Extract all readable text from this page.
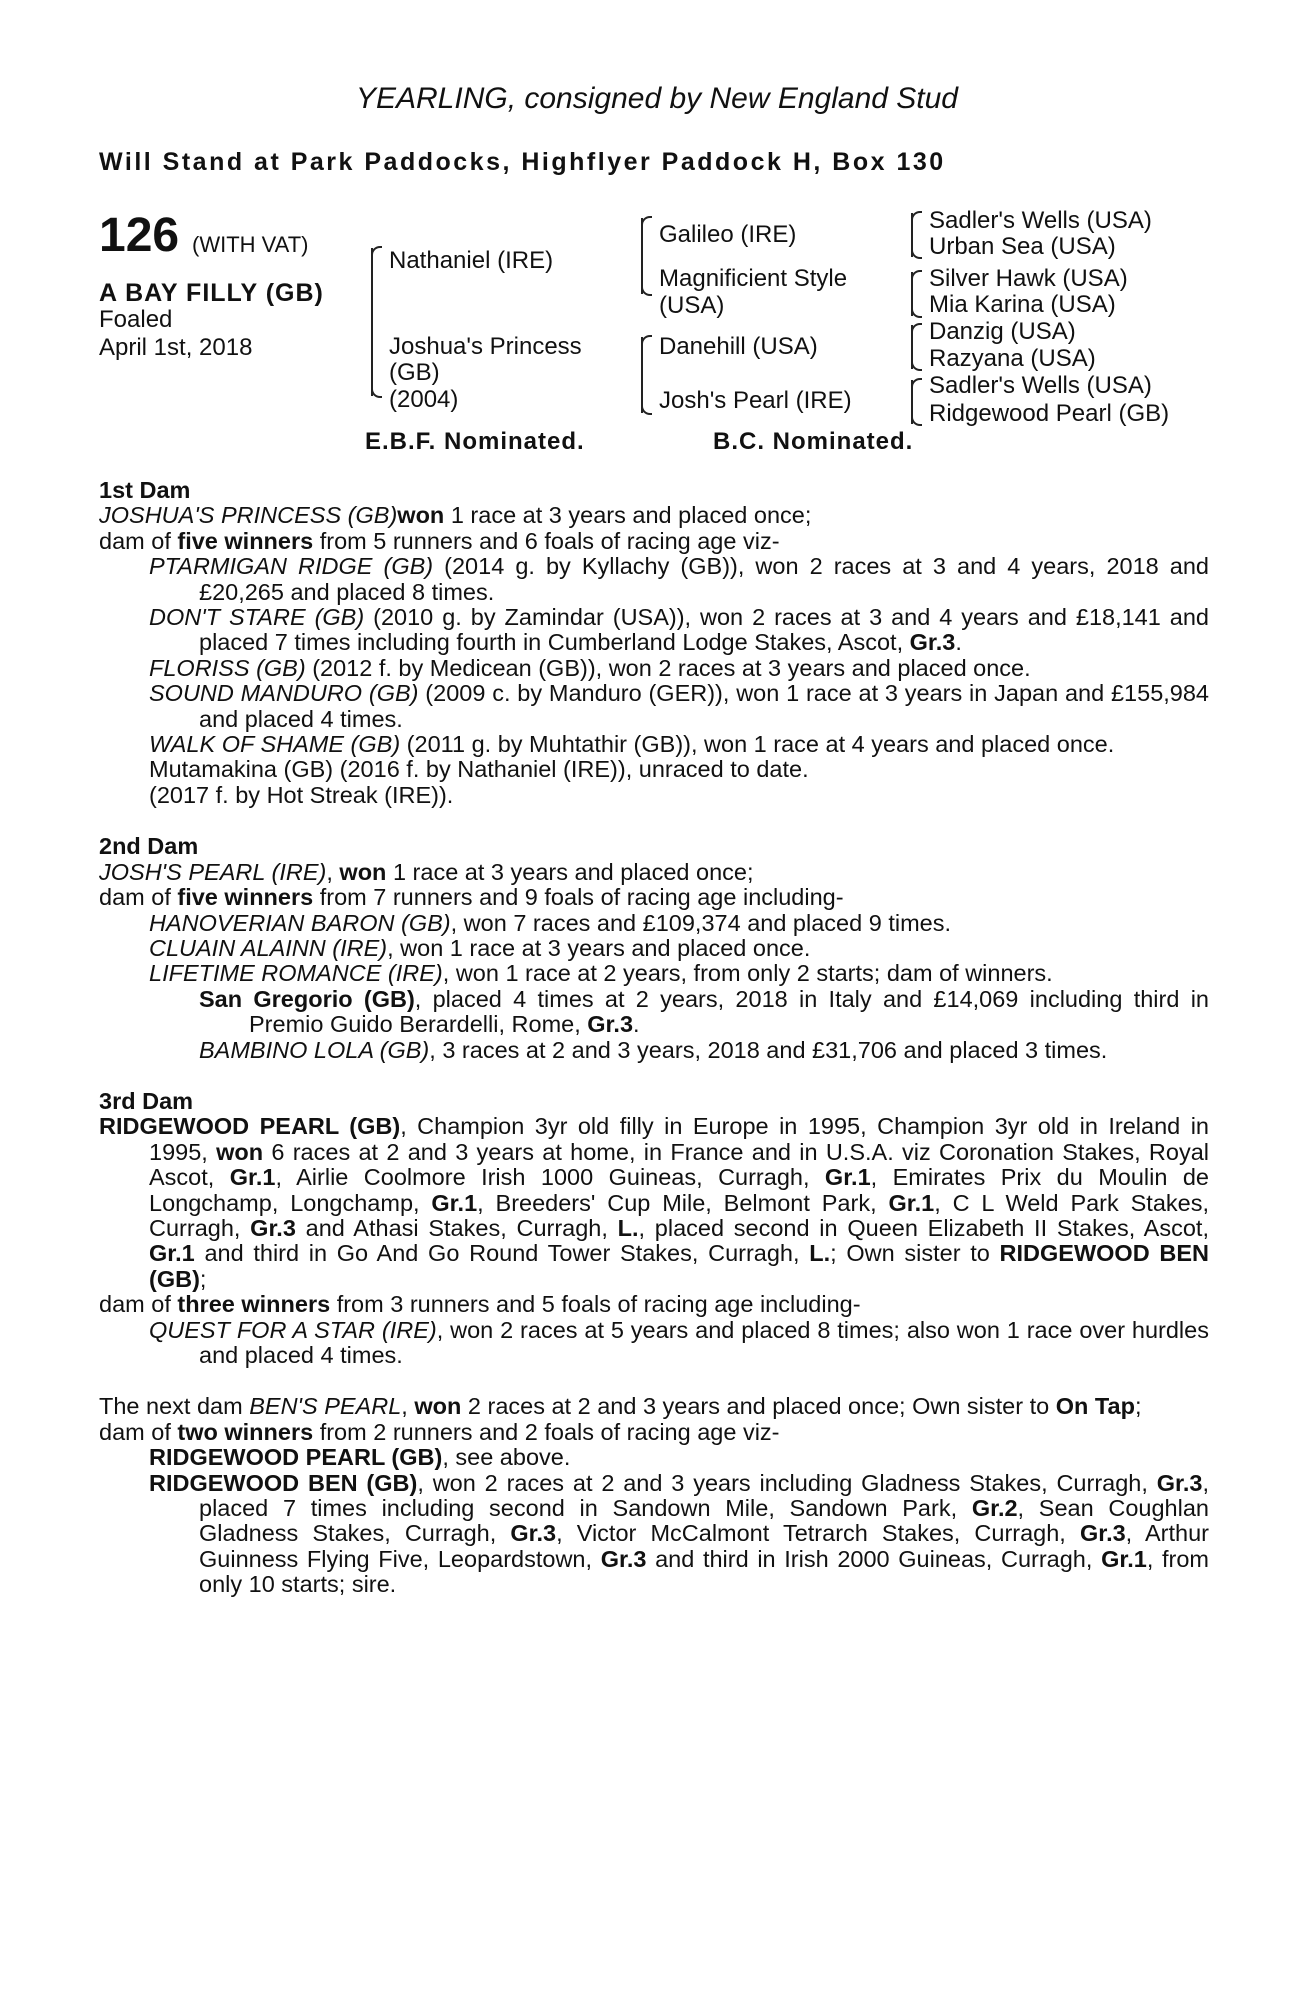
YEARLING, consigned by New England Stud
Will Stand at Park Paddocks, Highflyer Paddock H, Box 130
126 (WITH VAT)
A BAY FILLY (GB)
Foaled
April 1st, 2018
Nathaniel (IRE)
Joshua's Princess
(GB)
(2004)
Galileo (IRE)
Magnificient Style
(USA)
Danehill (USA)
Josh's Pearl (IRE)
Sadler's Wells (USA)
Urban Sea (USA)
Silver Hawk (USA)
Mia Karina (USA)
Danzig (USA)
Razyana (USA)
Sadler's Wells (USA)
Ridgewood Pearl (GB)
E.B.F. Nominated.	B.C. Nominated.
1st Dam
JOSHUA'S PRINCESS (GB)won 1 race at 3 years and placed once;
dam of five winners from 5 runners and 6 foals of racing age viz-
PTARMIGAN RIDGE (GB) (2014 g. by Kyllachy (GB)), won 2 races at 3 and 4 years, 2018 and £20,265 and placed 8 times.
DON'T STARE (GB) (2010 g. by Zamindar (USA)), won 2 races at 3 and 4 years and £18,141 and placed 7 times including fourth in Cumberland Lodge Stakes, Ascot, Gr.3.
FLORISS (GB) (2012 f. by Medicean (GB)), won 2 races at 3 years and placed once.
SOUND MANDURO (GB) (2009 c. by Manduro (GER)), won 1 race at 3 years in Japan and £155,984 and placed 4 times.
WALK OF SHAME (GB) (2011 g. by Muhtathir (GB)), won 1 race at 4 years and placed once.
Mutamakina (GB) (2016 f. by Nathaniel (IRE)), unraced to date.
(2017 f. by Hot Streak (IRE)).
2nd Dam
JOSH'S PEARL (IRE), won 1 race at 3 years and placed once;
dam of five winners from 7 runners and 9 foals of racing age including-
HANOVERIAN BARON (GB), won 7 races and £109,374 and placed 9 times.
CLUAIN ALAINN (IRE), won 1 race at 3 years and placed once.
LIFETIME ROMANCE (IRE), won 1 race at 2 years, from only 2 starts; dam of winners.
San Gregorio (GB), placed 4 times at 2 years, 2018 in Italy and £14,069 including third in Premio Guido Berardelli, Rome, Gr.3.
BAMBINO LOLA (GB), 3 races at 2 and 3 years, 2018 and £31,706 and placed 3 times.
3rd Dam
RIDGEWOOD PEARL (GB), Champion 3yr old filly in Europe in 1995, Champion 3yr old in Ireland in 1995, won 6 races at 2 and 3 years at home, in France and in U.S.A. viz Coronation Stakes, Royal Ascot, Gr.1, Airlie Coolmore Irish 1000 Guineas, Curragh, Gr.1, Emirates Prix du Moulin de Longchamp, Longchamp, Gr.1, Breeders' Cup Mile, Belmont Park, Gr.1, C L Weld Park Stakes, Curragh, Gr.3 and Athasi Stakes, Curragh, L., placed second in Queen Elizabeth II Stakes, Ascot, Gr.1 and third in Go And Go Round Tower Stakes, Curragh, L.; Own sister to RIDGEWOOD BEN (GB);
dam of three winners from 3 runners and 5 foals of racing age including-
QUEST FOR A STAR (IRE), won 2 races at 5 years and placed 8 times; also won 1 race over hurdles and placed 4 times.
The next dam BEN'S PEARL, won 2 races at 2 and 3 years and placed once; Own sister to On Tap;
dam of two winners from 2 runners and 2 foals of racing age viz-
RIDGEWOOD PEARL (GB), see above.
RIDGEWOOD BEN (GB), won 2 races at 2 and 3 years including Gladness Stakes, Curragh, Gr.3, placed 7 times including second in Sandown Mile, Sandown Park, Gr.2, Sean Coughlan Gladness Stakes, Curragh, Gr.3, Victor McCalmont Tetrarch Stakes, Curragh, Gr.3, Arthur Guinness Flying Five, Leopardstown, Gr.3 and third in Irish 2000 Guineas, Curragh, Gr.1, from only 10 starts; sire.
